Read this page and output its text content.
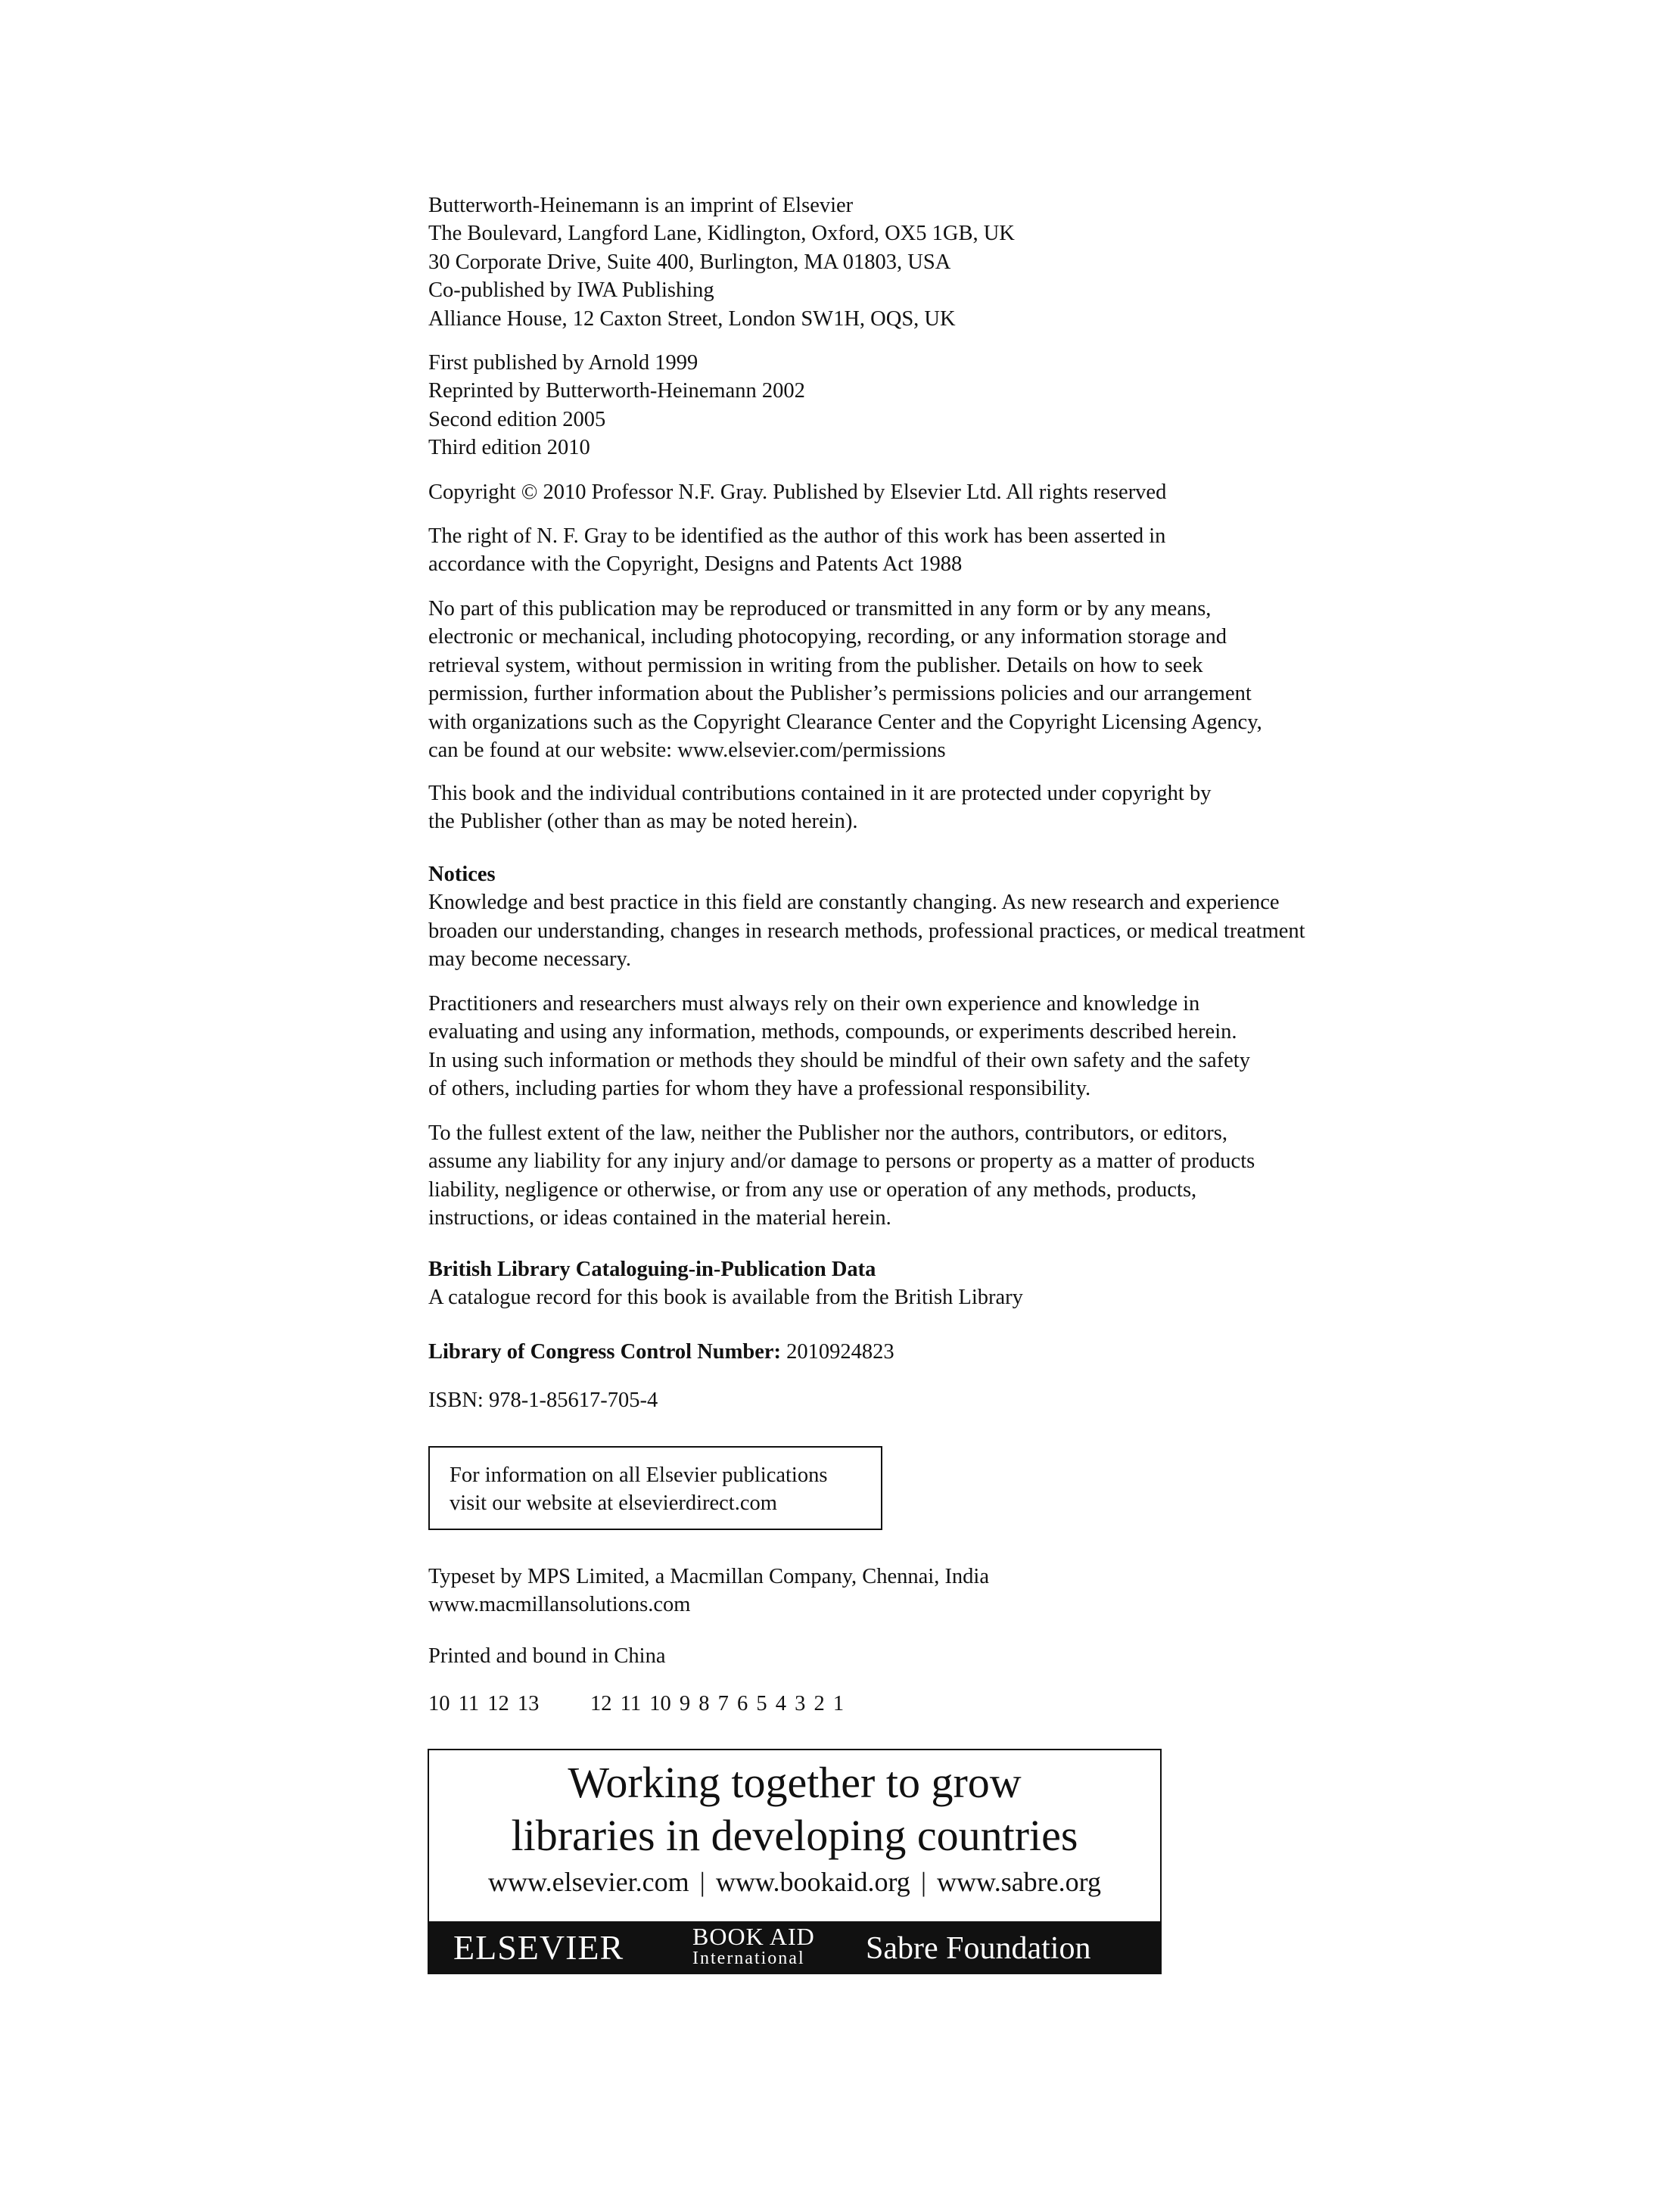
Butterworth-Heinemann is an imprint of Elsevier
The Boulevard, Langford Lane, Kidlington, Oxford, OX5 1GB, UK
30 Corporate Drive, Suite 400, Burlington, MA 01803, USA
Co-published by IWA Publishing
Alliance House, 12 Caxton Street, London SW1H, OQS, UK
First published by Arnold 1999
Reprinted by Butterworth-Heinemann 2002
Second edition 2005
Third edition 2010
Copyright © 2010 Professor N.F. Gray. Published by Elsevier Ltd. All rights reserved
The right of N. F. Gray to be identified as the author of this work has been asserted in
accordance with the Copyright, Designs and Patents Act 1988
No part of this publication may be reproduced or transmitted in any form or by any means,
electronic or mechanical, including photocopying, recording, or any information storage and
retrieval system, without permission in writing from the publisher. Details on how to seek
permission, further information about the Publisher’s permissions policies and our arrangement
with organizations such as the Copyright Clearance Center and the Copyright Licensing Agency,
can be found at our website: www.elsevier.com/permissions
This book and the individual contributions contained in it are protected under copyright by
the Publisher (other than as may be noted herein).
Notices
Knowledge and best practice in this field are constantly changing. As new research and experience
broaden our understanding, changes in research methods, professional practices, or medical treatment
may become necessary.
Practitioners and researchers must always rely on their own experience and knowledge in
evaluating and using any information, methods, compounds, or experiments described herein.
In using such information or methods they should be mindful of their own safety and the safety
of others, including parties for whom they have a professional responsibility.
To the fullest extent of the law, neither the Publisher nor the authors, contributors, or editors,
assume any liability for any injury and/or damage to persons or property as a matter of products
liability, negligence or otherwise, or from any use or operation of any methods, products,
instructions, or ideas contained in the material herein.
British Library Cataloguing-in-Publication Data
A catalogue record for this book is available from the British Library
Library of Congress Control Number: 2010924823
ISBN: 978-1-85617-705-4
For information on all Elsevier publications
visit our website at elsevierdirect.com
Typeset by MPS Limited, a Macmillan Company, Chennai, India
www.macmillansolutions.com
Printed and bound in China
10 11 12 13 12 11 10 9 8 7 6 5 4 3 2 1
Working together to grow
libraries in developing countries
www.elsevier.com | www.bookaid.org | www.sabre.org
ELSEVIER	BOOK AID
International	Sabre Foundation
